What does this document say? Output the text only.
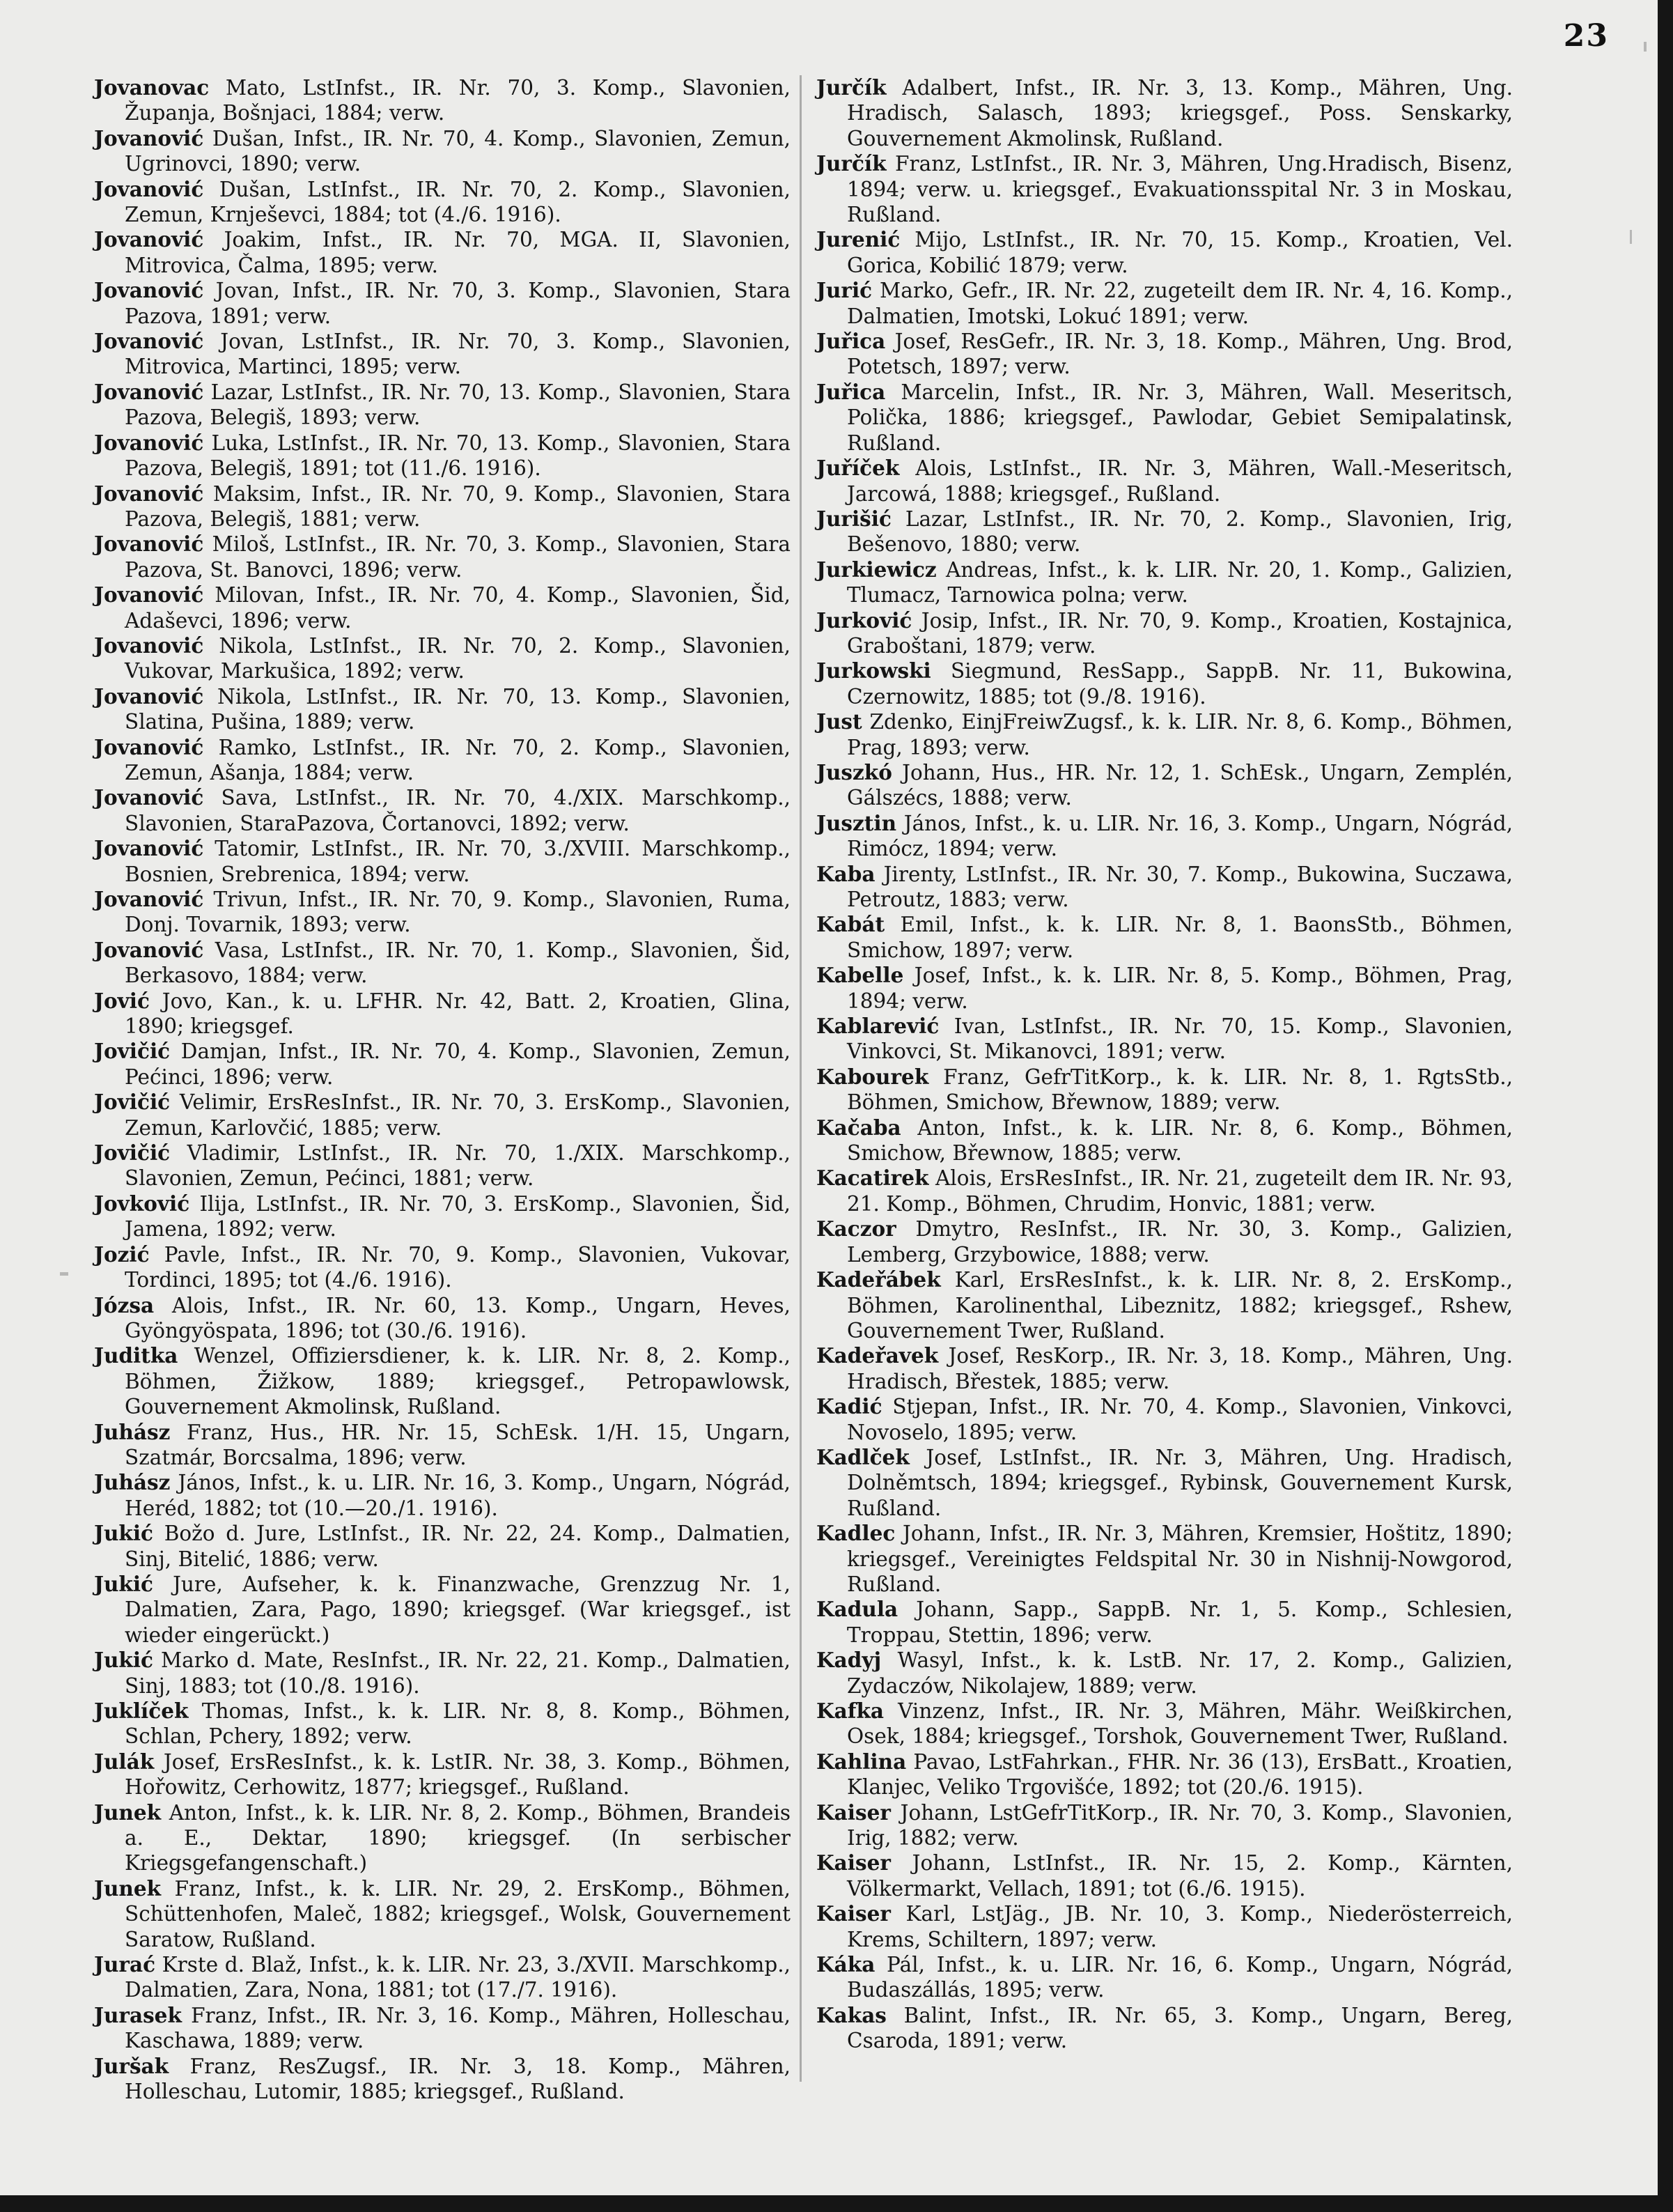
23

Jovanovac Mato, LstInfst., IR. Nr. 70, 3. Komp., Slavonien, Županja, Bošnjaci, 1884; verw.

Jovanović Dušan, Infst., IR. Nr. 70, 4. Komp., Slavonien, Zemun, Ugrinovci, 1890; verw.

Jovanović Dušan, LstInfst., IR. Nr. 70, 2. Komp., Slavonien, Zemun, Krnješevci, 1884; tot (4./6. 1916).

Jovanović Joakim, Infst., IR. Nr. 70, MGA. II, Slavonien, Mitrovica, Čalma, 1895; verw.

Jovanović Jovan, Infst., IR. Nr. 70, 3. Komp., Slavonien, Stara Pazova, 1891; verw.

Jovanović Jovan, LstInfst., IR. Nr. 70, 3. Komp., Slavonien, Mitrovica, Martinci, 1895; verw.

Jovanović Lazar, LstInfst., IR. Nr. 70, 13. Komp., Slavonien, Stara Pazova, Belegiš, 1893; verw.

Jovanović Luka, LstInfst., IR. Nr. 70, 13. Komp., Slavonien, Stara Pazova, Belegiš, 1891; tot (11./6. 1916).

Jovanović Maksim, Infst., IR. Nr. 70, 9. Komp., Slavonien, Stara Pazova, Belegiš, 1881; verw.

Jovanović Miloš, LstInfst., IR. Nr. 70, 3. Komp., Slavonien, Stara Pazova, St. Banovci, 1896; verw.

Jovanović Milovan, Infst., IR. Nr. 70, 4. Komp., Slavonien, Šid, Adaševci, 1896; verw.

Jovanović Nikola, LstInfst., IR. Nr. 70, 2. Komp., Slavonien, Vukovar, Markušica, 1892; verw.

Jovanović Nikola, LstInfst., IR. Nr. 70, 13. Komp., Slavonien, Slatina, Pušina, 1889; verw.

Jovanović Ramko, LstInfst., IR. Nr. 70, 2. Komp., Slavonien, Zemun, Ašanja, 1884; verw.

Jovanović Sava, LstInfst., IR. Nr. 70, 4./XIX. Marschkomp., Slavonien, StaraPazova, Čortanovci, 1892; verw.

Jovanović Tatomir, LstInfst., IR. Nr. 70, 3./XVIII. Marschkomp., Bosnien, Srebrenica, 1894; verw.

Jovanović Trivun, Infst., IR. Nr. 70, 9. Komp., Slavonien, Ruma, Donj. Tovarnik, 1893; verw.

Jovanović Vasa, LstInfst., IR. Nr. 70, 1. Komp., Slavonien, Šid, Berkasovo, 1884; verw.

Jović Jovo, Kan., k. u. LFHR. Nr. 42, Batt. 2, Kroatien, Glina, 1890; kriegsgef.

Jovičić Damjan, Infst., IR. Nr. 70, 4. Komp., Slavonien, Zemun, Pećinci, 1896; verw.

Jovičić Velimir, ErsResInfst., IR. Nr. 70, 3. ErsKomp., Slavonien, Zemun, Karlovčić, 1885; verw.

Jovičić Vladimir, LstInfst., IR. Nr. 70, 1./XIX. Marschkomp., Slavonien, Zemun, Pećinci, 1881; verw.

Jovković Ilija, LstInfst., IR. Nr. 70, 3. ErsKomp., Slavonien, Šid, Jamena, 1892; verw.

Jozić Pavle, Infst., IR. Nr. 70, 9. Komp., Slavonien, Vukovar, Tordinci, 1895; tot (4./6. 1916).

Józsa Alois, Infst., IR. Nr. 60, 13. Komp., Ungarn, Heves, Gyöngyöspata, 1896; tot (30./6. 1916).

Juditka Wenzel, Offiziersdiener, k. k. LIR. Nr. 8, 2. Komp., Böhmen, Žižkow, 1889; kriegsgef., Petropawlowsk, Gouvernement Akmolinsk, Rußland.

Juhász Franz, Hus., HR. Nr. 15, SchEsk. 1/H. 15, Ungarn, Szatmár, Borcsalma, 1896; verw.

Juhász János, Infst., k. u. LIR. Nr. 16, 3. Komp., Ungarn, Nógrád, Heréd, 1882; tot (10.—20./1. 1916).

Jukić Božo d. Jure, LstInfst., IR. Nr. 22, 24. Komp., Dalmatien, Sinj, Bitelić, 1886; verw.

Jukić Jure, Aufseher, k. k. Finanzwache, Grenzzug Nr. 1, Dalmatien, Zara, Pago, 1890; kriegsgef. (War kriegsgef., ist wieder eingerückt.)

Jukić Marko d. Mate, ResInfst., IR. Nr. 22, 21. Komp., Dalmatien, Sinj, 1883; tot (10./8. 1916).

Juklíček Thomas, Infst., k. k. LIR. Nr. 8, 8. Komp., Böhmen, Schlan, Pchery, 1892; verw.

Julák Josef, ErsResInfst., k. k. LstIR. Nr. 38, 3. Komp., Böhmen, Hořowitz, Cerhowitz, 1877; kriegsgef., Rußland.

Junek Anton, Infst., k. k. LIR. Nr. 8, 2. Komp., Böhmen, Brandeis a. E., Dektar, 1890; kriegsgef. (In serbischer Kriegsgefangenschaft.)

Junek Franz, Infst., k. k. LIR. Nr. 29, 2. ErsKomp., Böhmen, Schüttenhofen, Maleč, 1882; kriegsgef., Wolsk, Gouvernement Saratow, Rußland.

Jurać Krste d. Blaž, Infst., k. k. LIR. Nr. 23, 3./XVII. Marschkomp., Dalmatien, Zara, Nona, 1881; tot (17./7. 1916).

Jurasek Franz, Infst., IR. Nr. 3, 16. Komp., Mähren, Holleschau, Kaschawa, 1889; verw.

Juršak Franz, ResZugsf., IR. Nr. 3, 18. Komp., Mähren, Holleschau, Lutomir, 1885; kriegsgef., Rußland.

Jurčík Adalbert, Infst., IR. Nr. 3, 13. Komp., Mähren, Ung. Hradisch, Salasch, 1893; kriegsgef., Poss. Senskarky, Gouvernement Akmolinsk, Rußland.

Jurčík Franz, LstInfst., IR. Nr. 3, Mähren, Ung.Hradisch, Bisenz, 1894; verw. u. kriegsgef., Evakuationsspital Nr. 3 in Moskau, Rußland.

Jurenić Mijo, LstInfst., IR. Nr. 70, 15. Komp., Kroatien, Vel. Gorica, Kobilić 1879; verw.

Jurić Marko, Gefr., IR. Nr. 22, zugeteilt dem IR. Nr. 4, 16. Komp., Dalmatien, Imotski, Lokuć 1891; verw.

Juřica Josef, ResGefr., IR. Nr. 3, 18. Komp., Mähren, Ung. Brod, Potetsch, 1897; verw.

Juřica Marcelin, Infst., IR. Nr. 3, Mähren, Wall. Meseritsch, Polička, 1886; kriegsgef., Pawlodar, Gebiet Semipalatinsk, Rußland.

Juříček Alois, LstInfst., IR. Nr. 3, Mähren, Wall.-Meseritsch, Jarcowá, 1888; kriegsgef., Rußland.

Jurišić Lazar, LstInfst., IR. Nr. 70, 2. Komp., Slavonien, Irig, Bešenovo, 1880; verw.

Jurkiewicz Andreas, Infst., k. k. LIR. Nr. 20, 1. Komp., Galizien, Tlumacz, Tarnowica polna; verw.

Jurković Josip, Infst., IR. Nr. 70, 9. Komp., Kroatien, Kostajnica, Graboštani, 1879; verw.

Jurkowski Siegmund, ResSapp., SappB. Nr. 11, Bukowina, Czernowitz, 1885; tot (9./8. 1916).

Just Zdenko, EinjFreiwZugsf., k. k. LIR. Nr. 8, 6. Komp., Böhmen, Prag, 1893; verw.

Juszkó Johann, Hus., HR. Nr. 12, 1. SchEsk., Ungarn, Zemplén, Gálszécs, 1888; verw.

Jusztin János, Infst., k. u. LIR. Nr. 16, 3. Komp., Ungarn, Nógrád, Rimócz, 1894; verw.

Kaba Jirenty, LstInfst., IR. Nr. 30, 7. Komp., Bukowina, Suczawa, Petroutz, 1883; verw.

Kabát Emil, Infst., k. k. LIR. Nr. 8, 1. BaonsStb., Böhmen, Smichow, 1897; verw.

Kabelle Josef, Infst., k. k. LIR. Nr. 8, 5. Komp., Böhmen, Prag, 1894; verw.

Kablarević Ivan, LstInfst., IR. Nr. 70, 15. Komp., Slavonien, Vinkovci, St. Mikanovci, 1891; verw.

Kabourek Franz, GefrTitKorp., k. k. LIR. Nr. 8, 1. RgtsStb., Böhmen, Smichow, Břewnow, 1889; verw.

Kačaba Anton, Infst., k. k. LIR. Nr. 8, 6. Komp., Böhmen, Smichow, Břewnow, 1885; verw.

Kacatirek Alois, ErsResInfst., IR. Nr. 21, zugeteilt dem IR. Nr. 93, 21. Komp., Böhmen, Chrudim, Honvic, 1881; verw.

Kaczor Dmytro, ResInfst., IR. Nr. 30, 3. Komp., Galizien, Lemberg, Grzybowice, 1888; verw.

Kadeřábek Karl, ErsResInfst., k. k. LIR. Nr. 8, 2. ErsKomp., Böhmen, Karolinenthal, Libeznitz, 1882; kriegsgef., Rshew, Gouvernement Twer, Rußland.

Kadeřavek Josef, ResKorp., IR. Nr. 3, 18. Komp., Mähren, Ung. Hradisch, Břestek, 1885; verw.

Kadić Stjepan, Infst., IR. Nr. 70, 4. Komp., Slavonien, Vinkovci, Novoselo, 1895; verw.

Kadlček Josef, LstInfst., IR. Nr. 3, Mähren, Ung. Hradisch, Dolněmtsch, 1894; kriegsgef., Rybinsk, Gouvernement Kursk, Rußland.

Kadlec Johann, Infst., IR. Nr. 3, Mähren, Kremsier, Hoštitz, 1890; kriegsgef., Vereinigtes Feldspital Nr. 30 in Nishnij-Nowgorod, Rußland.

Kadula Johann, Sapp., SappB. Nr. 1, 5. Komp., Schlesien, Troppau, Stettin, 1896; verw.

Kadyj Wasyl, Infst., k. k. LstB. Nr. 17, 2. Komp., Galizien, Zydaczów, Nikolajew, 1889; verw.

Kafka Vinzenz, Infst., IR. Nr. 3, Mähren, Mähr. Weißkirchen, Osek, 1884; kriegsgef., Torshok, Gouvernement Twer, Rußland.

Kahlina Pavao, LstFahrkan., FHR. Nr. 36 (13), ErsBatt., Kroatien, Klanjec, Veliko Trgovišće, 1892; tot (20./6. 1915).

Kaiser Johann, LstGefrTitKorp., IR. Nr. 70, 3. Komp., Slavonien, Irig, 1882; verw.

Kaiser Johann, LstInfst., IR. Nr. 15, 2. Komp., Kärnten, Völkermarkt, Vellach, 1891; tot (6./6. 1915).

Kaiser Karl, LstJäg., JB. Nr. 10, 3. Komp., Niederösterreich, Krems, Schiltern, 1897; verw.

Káka Pál, Infst., k. u. LIR. Nr. 16, 6. Komp., Ungarn, Nógrád, Budaszállás, 1895; verw.

Kakas Balint, Infst., IR. Nr. 65, 3. Komp., Ungarn, Bereg, Csaroda, 1891; verw.
